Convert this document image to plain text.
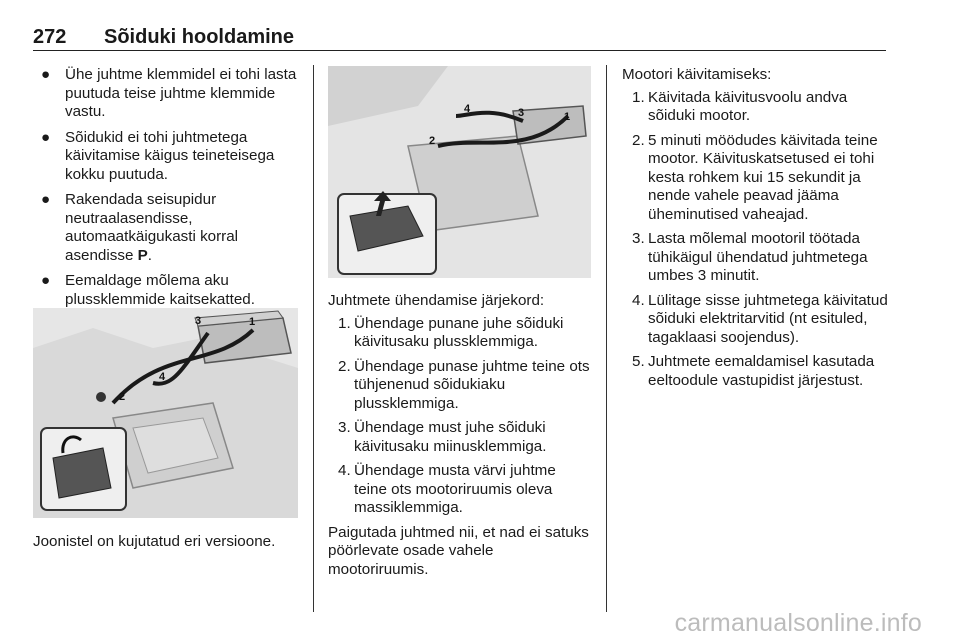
272 Sõiduki hooldamine
● Ühe juhtme klemmidel ei tohi lasta puutuda teise juhtme klemmide vastu.
● Sõidukid ei tohi juhtmetega käivitamise käigus teineteisega kokku puutuda.
● Rakendada seisupidur neutraalasendisse, automaatkäigukasti korral asendisse P.
● Eemaldage mõlema aku plussklemmide kaitsekatted.
1
2
3
4
Joonistel on kujutatud eri versioone.
1
2
3
4

Juhtmete ühendamise järjekord:

1. Ühendage punane juhe sõiduki käivitusaku plussklemmiga.
2. Ühendage punase juhtme teine ots tühjenenud sõidukiaku plussklemmiga.
3. Ühendage must juhe sõiduki käivitusaku miinusklemmiga.
4. Ühendage musta värvi juhtme teine ots mootoriruumis oleva massiklemmiga.

Paigutada juhtmed nii, et nad ei satuks pöörlevate osade vahele mootoriruumis.

Mootori käivitamiseks:

1. Käivitada käivitusvoolu andva sõiduki mootor.
2. 5 minuti möödudes käivitada teine mootor. Käivituskatsetused ei tohi kesta rohkem kui 15 sekundit ja nende vahele peavad jääma üheminutised vaheajad.
3. Lasta mõlemal mootoril töötada tühikäigul ühendatud juhtmetega umbes 3 minutit.
4. Lülitage sisse juhtmetega käivitatud sõiduki elektritarvitid (nt esituled, tagaklaasi soojendus).
5. Juhtmete eemaldamisel kasutada eeltoodule vastupidist järjestust.
carmanualsonline.info
